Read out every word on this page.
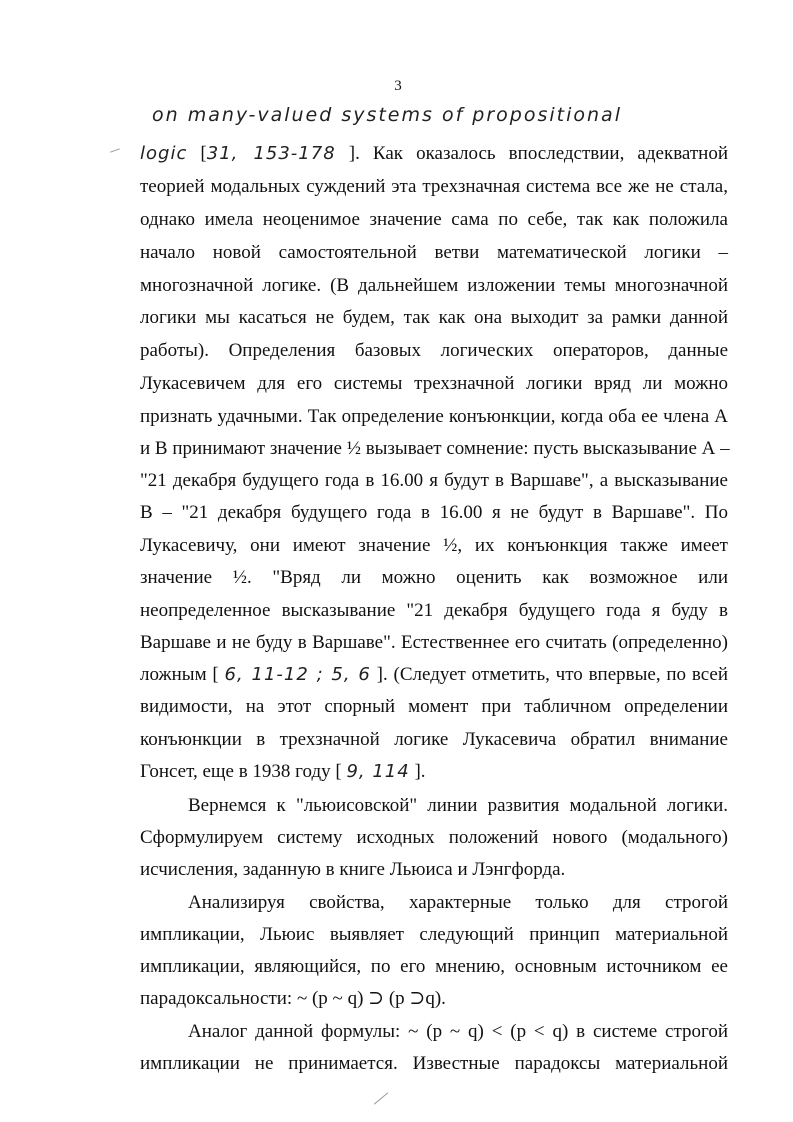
3
on many-valued systems of propositional
logic [31, 153-178 ]. Как оказалось впоследствии, адекватной
теорией модальных суждений эта трехзначная система все же не стала,
однако имела неоценимое значение сама по себе, так как положила
начало новой самостоятельной ветви математической логики –
многозначной логике. (В дальнейшем изложении темы многозначной
логики мы касаться не будем, так как она выходит за рамки данной
работы). Определения базовых логических операторов, данные
Лукасевичем для его системы трехзначной логики вряд ли можно
признать удачными. Так определение конъюнкции, когда оба ее члена А
и В принимают значение ½ вызывает сомнение: пусть высказывание А –
"21 декабря будущего года в 16.00 я будут в Варшаве", а высказывание
В – "21 декабря будущего года в 16.00 я не будут в Варшаве". По
Лукасевичу, они имеют значение ½, их конъюнкция также имеет
значение ½. "Вряд ли можно оценить как возможное или
неопределенное высказывание "21 декабря будущего года я буду в
Варшаве и не буду в Варшаве". Естественнее его считать (определенно)
ложным [ 6, 11-12 ; 5, 6 ]. (Следует отметить, что впервые, по всей
видимости, на этот спорный момент при табличном определении
конъюнкции в трехзначной логике Лукасевича обратил внимание
Гонсет, еще в 1938 году [ 9, 114 ].
Вернемся к "льюисовской" линии развития модальной логики.
Сформулируем систему исходных положений нового (модального)
исчисления, заданную в книге Льюиса и Лэнгфорда.
Анализируя свойства, характерные только для строгой
импликации, Льюис выявляет следующий принцип материальной
импликации, являющийся, по его мнению, основным источником ее
парадоксальности: ~ (p ~ q) ⊃ (p ⊃q).
Аналог данной формулы: ~ (p ~ q) < (p < q) в системе строгой
импликации не принимается. Известные парадоксы материальной
